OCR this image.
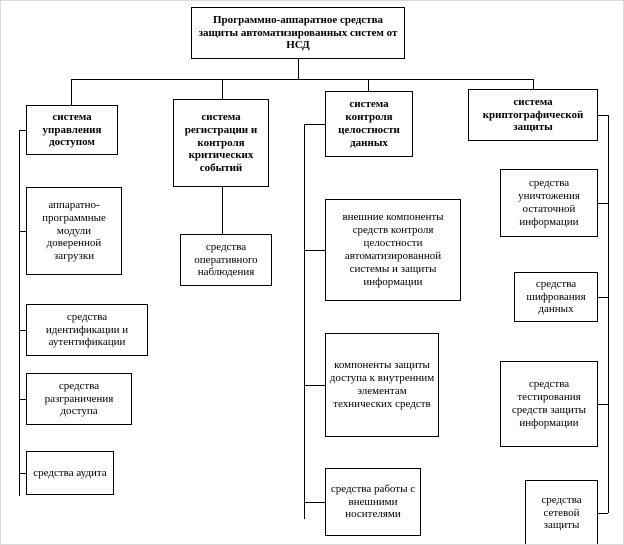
Программно-аппаратное средства защиты автоматизированных систем от НСД
система управления доступом
аппаратно-программные модули доверенной загрузки
средства идентификации и аутентификации
средства разграничения доступа
средства аудита
система регистрации и контроля критических событий
средства оперативного наблюдения
система контроля целостности данных
внешние компоненты средств контроля целостности автоматизированной системы и защиты информации
компоненты защиты доступа к внутренним элементам технических средств
средства работы с внешними носителями
система криптографической защиты
средства уничтожения остаточной информации
средства шифрования данных
средства тестирования средств защиты информации
средства сетевой защиты
